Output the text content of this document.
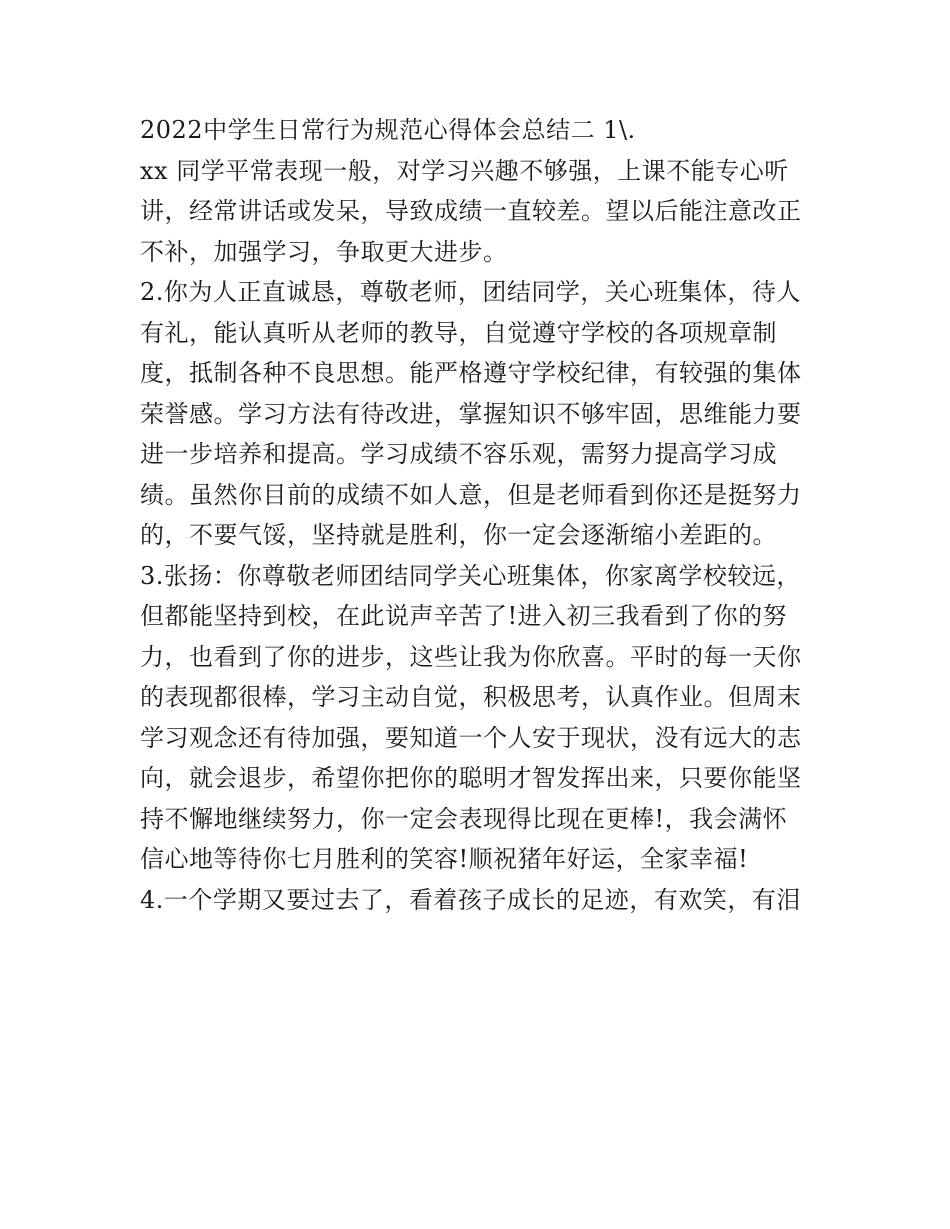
2022中学生日常行为规范心得体会总结二 1\.
xx 同学平常表现一般，对学习兴趣不够强，上课不能专心听
讲，经常讲话或发呆，导致成绩一直较差。望以后能注意改正
不补，加强学习，争取更大进步。
2.你为人正直诚恳，尊敬老师，团结同学，关心班集体，待人
有礼，能认真听从老师的教导，自觉遵守学校的各项规章制
度，抵制各种不良思想。能严格遵守学校纪律，有较强的集体
荣誉感。学习方法有待改进，掌握知识不够牢固，思维能力要
进一步培养和提高。学习成绩不容乐观，需努力提高学习成
绩。虽然你目前的成绩不如人意，但是老师看到你还是挺努力
的，不要气馁，坚持就是胜利，你一定会逐渐缩小差距的。
3.张扬：你尊敬老师团结同学关心班集体，你家离学校较远，
但都能坚持到校，在此说声辛苦了!进入初三我看到了你的努
力，也看到了你的进步，这些让我为你欣喜。平时的每一天你
的表现都很棒，学习主动自觉，积极思考，认真作业。但周末
学习观念还有待加强，要知道一个人安于现状，没有远大的志
向，就会退步，希望你把你的聪明才智发挥出来，只要你能坚
持不懈地继续努力，你一定会表现得比现在更棒!，我会满怀
信心地等待你七月胜利的笑容!顺祝猪年好运，全家幸福!
4.一个学期又要过去了，看着孩子成长的足迹，有欢笑，有泪
